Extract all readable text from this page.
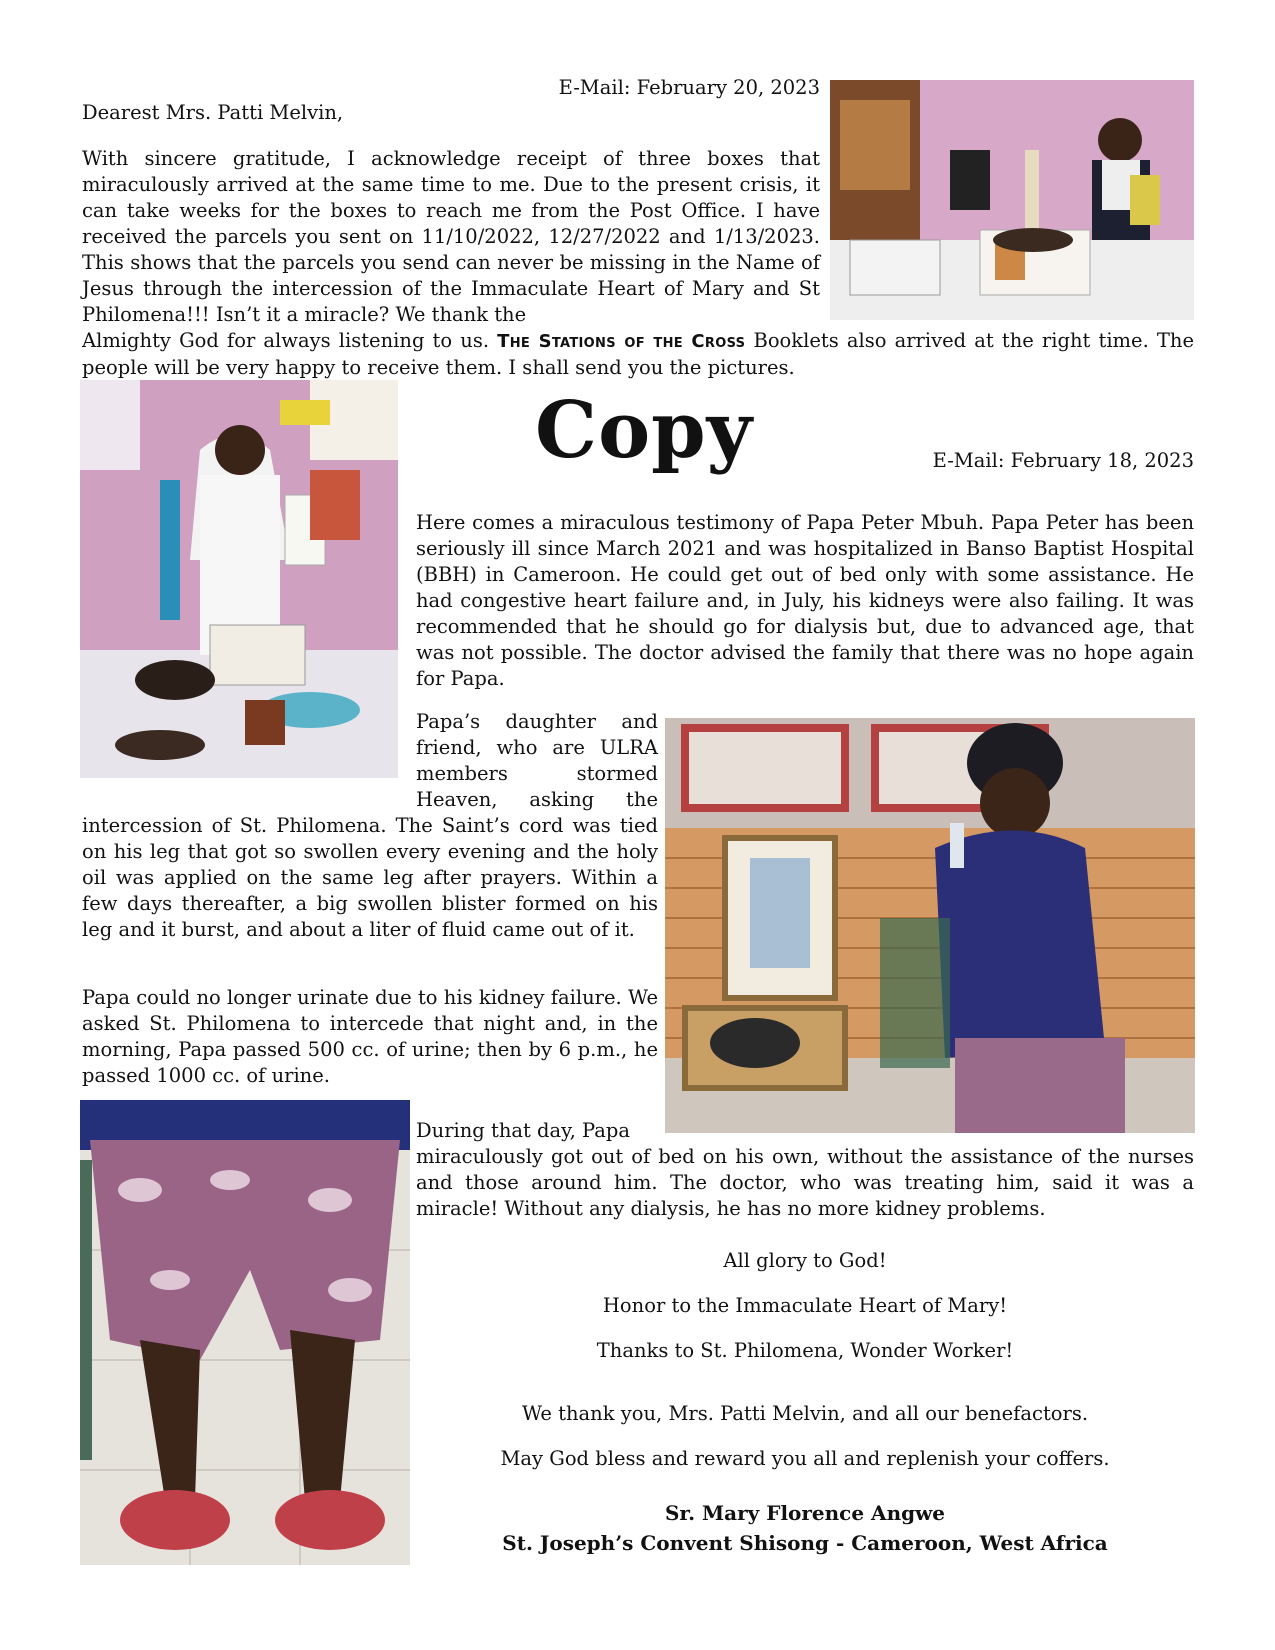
E-Mail: February 20, 2023
Dearest Mrs. Patti Melvin,

With sincere gratitude, I acknowledge receipt of three boxes that miraculously arrived at the same time to me. Due to the present crisis, it can take weeks for the boxes to reach me from the Post Office. I have received the parcels you sent on 11/10/2022, 12/27/2022 and 1/13/2023. This shows that the parcels you send can never be missing in the Name of Jesus through the intercession of the Immaculate Heart of Mary and St Philomena!!! Isn’t it a miracle? We thank the

Almighty God for always listening to us. The Stations of the Cross Booklets also arrived at the right time. The people will be very happy to receive them. I shall send you the pictures.

Copy	E-Mail: February 18, 2023

Here comes a miraculous testimony of Papa Peter Mbuh. Papa Peter has been seriously ill since March 2021 and was hospitalized in Banso Baptist Hospital (BBH) in Cameroon. He could get out of bed only with some assistance. He had congestive heart failure and, in July, his kidneys were also failing. It was recommended that he should go for dialysis but, due to advanced age, that was not possible. The doctor advised the family that there was no hope again for Papa.

Papa’s daughter and friend, who are ULRA members stormed Heaven, asking the

intercession of St. Philomena. The Saint’s cord was tied on his leg that got so swollen every evening and the holy oil was applied on the same leg after prayers. Within a few days thereafter, a big swollen blister formed on his leg and it burst, and about a liter of fluid came out of it.

Papa could no longer urinate due to his kidney failure. We asked St. Philomena to intercede that night and, in the morning, Papa passed 500 cc. of urine; then by 6 p.m., he passed 1000 cc. of urine.

During that day, Papa

miraculously got out of bed on his own, without the assistance of the nurses and those around him. The doctor, who was treating him, said it was a miracle! Without any dialysis, he has no more kidney problems.

All glory to God!
Honor to the Immaculate Heart of Mary!
Thanks to St. Philomena, Wonder Worker!
We thank you, Mrs. Patti Melvin, and all our benefactors.
May God bless and reward you all and replenish your coffers.
Sr. Mary Florence Angwe
St. Joseph’s Convent Shisong - Cameroon, West Africa
